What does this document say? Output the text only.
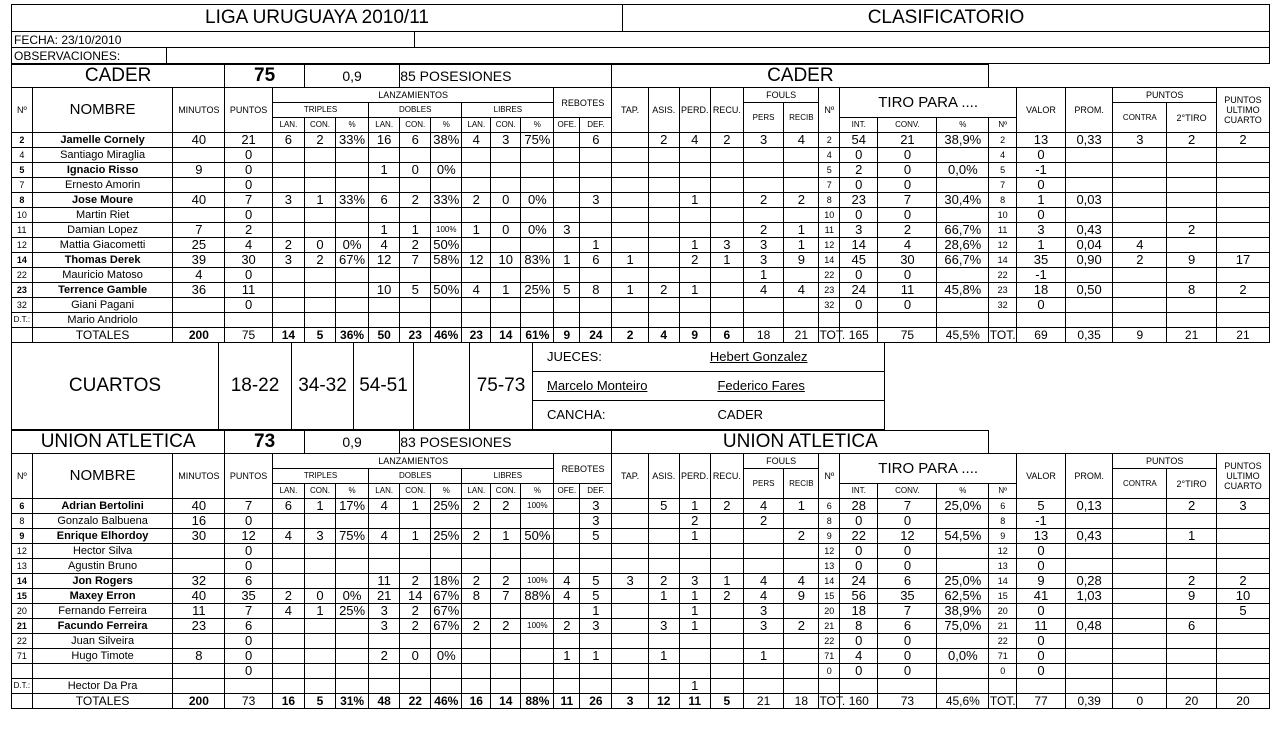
LIGA URUGUAYA 2010/11	CLASIFICATORIO
FECHA: 23/10/2010
OBSERVACIONES:
CADER			75		0,9			85 POSESIONES							CADER															
Nº	NOMBRE	MINUTOS	PUNTOS	LANZAMIENTOS									REBOTES		TAP.	ASIS.	PERD.	RECU.	FOULS		Nº	TIRO PARA ....				VALOR	PROM.	PUNTOS		PUNTOS
ULTIMO
CUARTO
				TRIPLES			DOBLES			LIBRES									PERS	RECIB								CONTRA	2°TIRO	
				LAN.	CON.	%	LAN.	CON.	%	LAN.	CON.	%	OFE.	DEF.								INT.	CONV.	%	Nº					
2	Jamelle Cornely	40	21	6	2	33%	16	6	38%	4	3	75%		6		2	4	2	3	4	2	54	21	38,9%	2	13	0,33	3	2	2
4	Santiago Miraglia		0																		4	0	0		4	0				
5	Ignacio Risso	9	0				1	0	0%												5	2	0	0,0%	5	-1				
7	Ernesto Amorin		0																		7	0	0		7	0				
8	Jose Moure	40	7	3	1	33%	6	2	33%	2	0	0%		3			1		2	2	8	23	7	30,4%	8	1	0,03			
10	Martin Riet		0																		10	0	0		10	0				
11	Damian Lopez	7	2				1	1	100%	1	0	0%	3						2	1	11	3	2	66,7%	11	3	0,43		2	
12	Mattia Giacometti	25	4	2	0	0%	4	2	50%					1			1	3	3	1	12	14	4	28,6%	12	1	0,04	4		
14	Thomas Derek	39	30	3	2	67%	12	7	58%	12	10	83%	1	6	1		2	1	3	9	14	45	30	66,7%	14	35	0,90	2	9	17
22	Mauricio Matoso	4	0																1		22	0	0		22	-1				
23	Terrence Gamble	36	11				10	5	50%	4	1	25%	5	8	1	2	1		4	4	23	24	11	45,8%	23	18	0,50		8	2
32	Giani Pagani		0																		32	0	0		32	0				
D.T.:	Mario Andriolo																													
	TOTALES	200	75	14	5	36%	50	23	46%	23	14	61%	9	24	2	4	9	6	18	21	TOT.	165	75	45,5%	TOT.	69	0,35	9	21	21
CUARTOS	18-22	34-32	54-51		75-73	JUECES:	Hebert Gonzalez	
Marcelo Monteiro	Federico Fares
CANCHA:	CADER
UNION ATLETICA			73		0,9			83 POSESIONES							UNION ATLETICA															
Nº	NOMBRE	MINUTOS	PUNTOS	LANZAMIENTOS									REBOTES		TAP.	ASIS.	PERD.	RECU.	FOULS		Nº	TIRO PARA ....				VALOR	PROM.	PUNTOS		PUNTOS
ULTIMO
CUARTO
				TRIPLES			DOBLES			LIBRES									PERS	RECIB								CONTRA	2°TIRO	
				LAN.	CON.	%	LAN.	CON.	%	LAN.	CON.	%	OFE.	DEF.								INT.	CONV.	%	Nº					
6	Adrian Bertolini	40	7	6	1	17%	4	1	25%	2	2	100%		3		5	1	2	4	1	6	28	7	25,0%	6	5	0,13		2	3
8	Gonzalo Balbuena	16	0											3			2		2		8	0	0		8	-1				
9	Enrique Elhordoy	30	12	4	3	75%	4	1	25%	2	1	50%		5			1			2	9	22	12	54,5%	9	13	0,43		1	
12	Hector Silva		0																		12	0	0		12	0				
13	Agustin Bruno		0																		13	0	0		13	0				
14	Jon Rogers	32	6				11	2	18%	2	2	100%	4	5	3	2	3	1	4	4	14	24	6	25,0%	14	9	0,28		2	2
15	Maxey Erron	40	35	2	0	0%	21	14	67%	8	7	88%	4	5		1	1	2	4	9	15	56	35	62,5%	15	41	1,03		9	10
20	Fernando Ferreira	11	7	4	1	25%	3	2	67%					1			1		3		20	18	7	38,9%	20	0				5
21	Facundo Ferreira	23	6				3	2	67%	2	2	100%	2	3		3	1		3	2	21	8	6	75,0%	21	11	0,48		6	
22	Juan Silveira		0																		22	0	0		22	0				
71	Hugo Timote	8	0				2	0	0%				1	1		1			1		71	4	0	0,0%	71	0				
			0																		0	0	0		0	0				
D.T.:	Hector Da Pra																1													
	TOTALES	200	73	16	5	31%	48	22	46%	16	14	88%	11	26	3	12	11	5	21	18	TOT.	160	73	45,6%	TOT.	77	0,39	0	20	20
